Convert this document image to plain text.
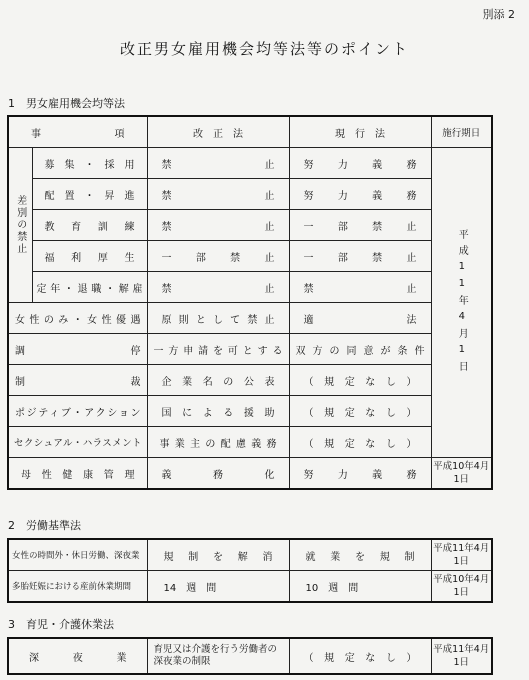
別添 2
改正男女雇用機会均等法等のポイント
1　男女雇用機会均等法
事　　項		改　正　法	現　行　法	施行期日
差別の禁止	募集・採用	禁　止	努力義務	平成11年4月1日
	配置・昇進	禁　止	努力義務	
	教育訓練	禁　止	一部禁止	
	福利厚生	一部禁止	一部禁止	
	定年・退職・解雇	禁　止	禁　止	
女性のみ・女性優遇		原則として禁止	適　法	
調　停		一方申請を可とする	双方の同意が条件	
制　裁		企業名の公表	（規定なし）	
ポジティブ・アクション		国による援助	（規定なし）	
セクシュアル・ハラスメント		事業主の配慮義務	（規定なし）	
母性健康管理		義務化	努力義務	平成10年4月1日
2　労働基準法
女性の時間外・休日労働、深夜業	規制を解消	就業を規制	平成11年4月1日
多胎妊娠における産前休業期間	14　週　間	10　週　間	平成10年4月1日
3　育児・介護休業法
深　夜　業	育児又は介護を行う労働者の深夜業の制限	（規定なし）	平成11年4月1日
